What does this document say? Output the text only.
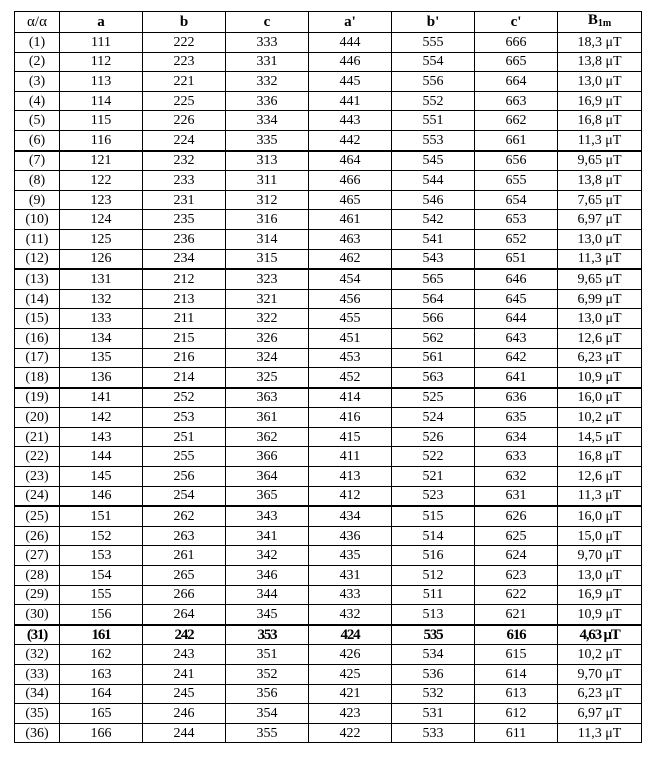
α/α	a	b	c	a'	b'	c'	$B_{1m}$
(1)	111	222	333	444	555	666	18,3 μT
(2)	112	223	331	446	554	665	13,8 μT
(3)	113	221	332	445	556	664	13,0 μT
(4)	114	225	336	441	552	663	16,9 μT
(5)	115	226	334	443	551	662	16,8 μT
(6)	116	224	335	442	553	661	11,3 μT
(7)	121	232	313	464	545	656	9,65 μT
(8)	122	233	311	466	544	655	13,8 μT
(9)	123	231	312	465	546	654	7,65 μT
(10)	124	235	316	461	542	653	6,97 μT
(11)	125	236	314	463	541	652	13,0 μT
(12)	126	234	315	462	543	651	11,3 μT
(13)	131	212	323	454	565	646	9,65 μT
(14)	132	213	321	456	564	645	6,99 μT
(15)	133	211	322	455	566	644	13,0 μT
(16)	134	215	326	451	562	643	12,6 μT
(17)	135	216	324	453	561	642	6,23 μT
(18)	136	214	325	452	563	641	10,9 μT
(19)	141	252	363	414	525	636	16,0 μT
(20)	142	253	361	416	524	635	10,2 μT
(21)	143	251	362	415	526	634	14,5 μT
(22)	144	255	366	411	522	633	16,8 μT
(23)	145	256	364	413	521	632	12,6 μT
(24)	146	254	365	412	523	631	11,3 μT
(25)	151	262	343	434	515	626	16,0 μT
(26)	152	263	341	436	514	625	15,0 μT
(27)	153	261	342	435	516	624	9,70 μT
(28)	154	265	346	431	512	623	13,0 μT
(29)	155	266	344	433	511	622	16,9 μT
(30)	156	264	345	432	513	621	10,9 μT
(31)	161	242	353	424	535	616	4,63 μT
(32)	162	243	351	426	534	615	10,2 μT
(33)	163	241	352	425	536	614	9,70 μT
(34)	164	245	356	421	532	613	6,23 μT
(35)	165	246	354	423	531	612	6,97 μT
(36)	166	244	355	422	533	611	11,3 μT
